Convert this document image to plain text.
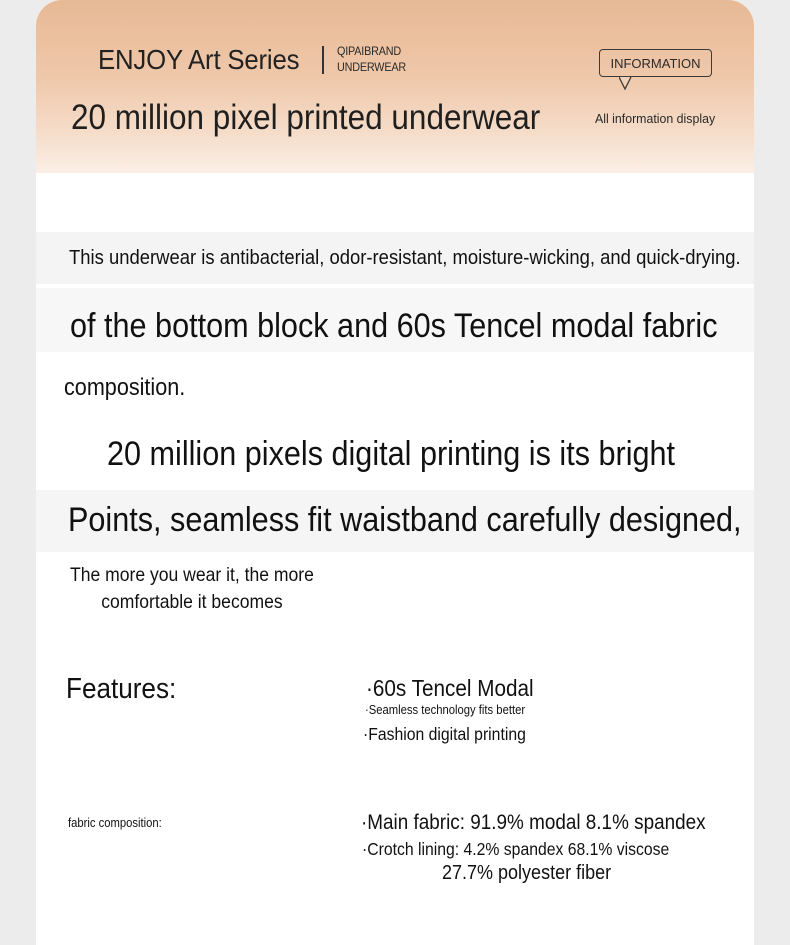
ENJOY Art Series	QIPAIBRAND
UNDERWEAR
20 million pixel printed underwear
INFORMATION
All information display
This underwear is antibacterial, odor-resistant, moisture-wicking, and quick-drying.
of the bottom block and 60s Tencel modal fabric
composition.
20 million pixels digital printing is its bright
Points, seamless fit waistband carefully designed,
The more you wear it, the more
comfortable it becomes
Features:	·60s Tencel Modal
·Seamless technology fits better
·Fashion digital printing
fabric composition:	·Main fabric: 91.9% modal 8.1% spandex
·Crotch lining: 4.2% spandex 68.1% viscose
27.7% polyester fiber
